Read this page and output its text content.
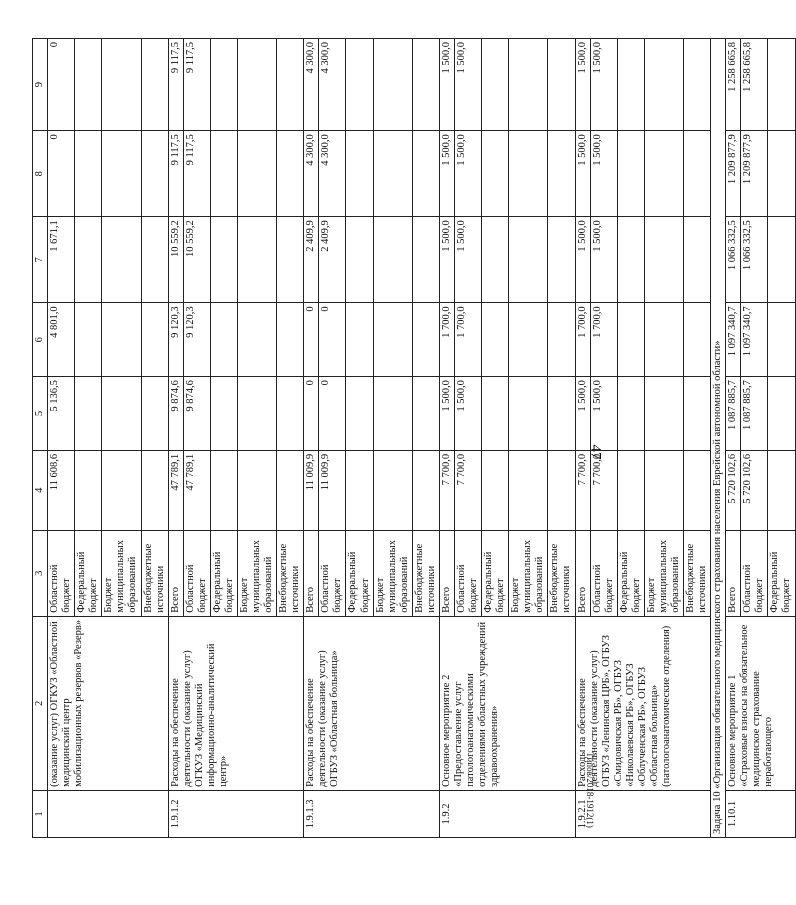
47
Типов/2018-1912(1)
1	2	3	4	5	6	7	8	9
	(оказание услуг) ОГКУЗ «Областной медицинский центр мобилизационных резервов «Резерв»	Областной бюджет	11 608,6	5 136,5	4 801,0	1 671,1	0	0
		Федеральный бюджет						
		Бюджет муниципальных образований						
		Внебюджетные источники						
1.9.1.2	Расходы на обеспечение деятельности (оказание услуг) ОГКУЗ «Медицинский информационно-аналитический центр»	Всего	47 789,1	9 874,6	9 120,3	10 559,2	9 117,5	9 117,5
		Областной бюджет	47 789,1	9 874,6	9 120,3	10 559,2	9 117,5	9 117,5
		Федеральный бюджет						
		Бюджет муниципальных образований						
		Внебюджетные источники						
1.9.1.3	Расходы на обеспечение деятельности (оказание услуг) ОГБУЗ «Областная больница»	Всего	11 009,9	0	0	2 409,9	4 300,0	4 300,0
		Областной бюджет	11 009,9	0	0	2 409,9	4 300,0	4 300,0
		Федеральный бюджет						
		Бюджет муниципальных образований						
		Внебюджетные источники						
1.9.2	Основное мероприятие 2 «Предоставление услуг патологоанатомическими отделениями областных учреждений здравоохранения»	Всего	7 700,0	1 500,0	1 700,0	1 500,0	1 500,0	1 500,0
		Областной бюджет	7 700,0	1 500,0	1 700,0	1 500,0	1 500,0	1 500,0
		Федеральный бюджет						
		Бюджет муниципальных образований						
		Внебюджетные источники						
1.9.2.1	Расходы на обеспечение деятельности (оказание услуг) ОГБУЗ «Ленинская ЦРБ», ОГБУЗ «Смидовичская РБ», ОГБУЗ «Николаевская РБ», ОГБУЗ «Облученская РБ», ОГБУЗ «Областная больница» (патологоанатомические отделения)	Всего	7 700,0	1 500,0	1 700,0	1 500,0	1 500,0	1 500,0
		Областной бюджет	7 700,0	1 500,0	1 700,0	1 500,0	1 500,0	1 500,0
		Федеральный бюджет						
		Бюджет муниципальных образований						
		Внебюджетные источники						
Задача 10 «Организация обязательного медицинского страхования населения Еврейской автономной области»								
1.10.1	Основное мероприятие 1 «Страховые взносы на обязательное медицинское страхование неработающего	Всего	5 720 102,6	1 087 885,7	1 097 340,7	1 066 332,5	1 209 877,9	1 258 665,8
		Областной бюджет	5 720 102,6	1 087 885,7	1 097 340,7	1 066 332,5	1 209 877,9	1 258 665,8
		Федеральный бюджет						
